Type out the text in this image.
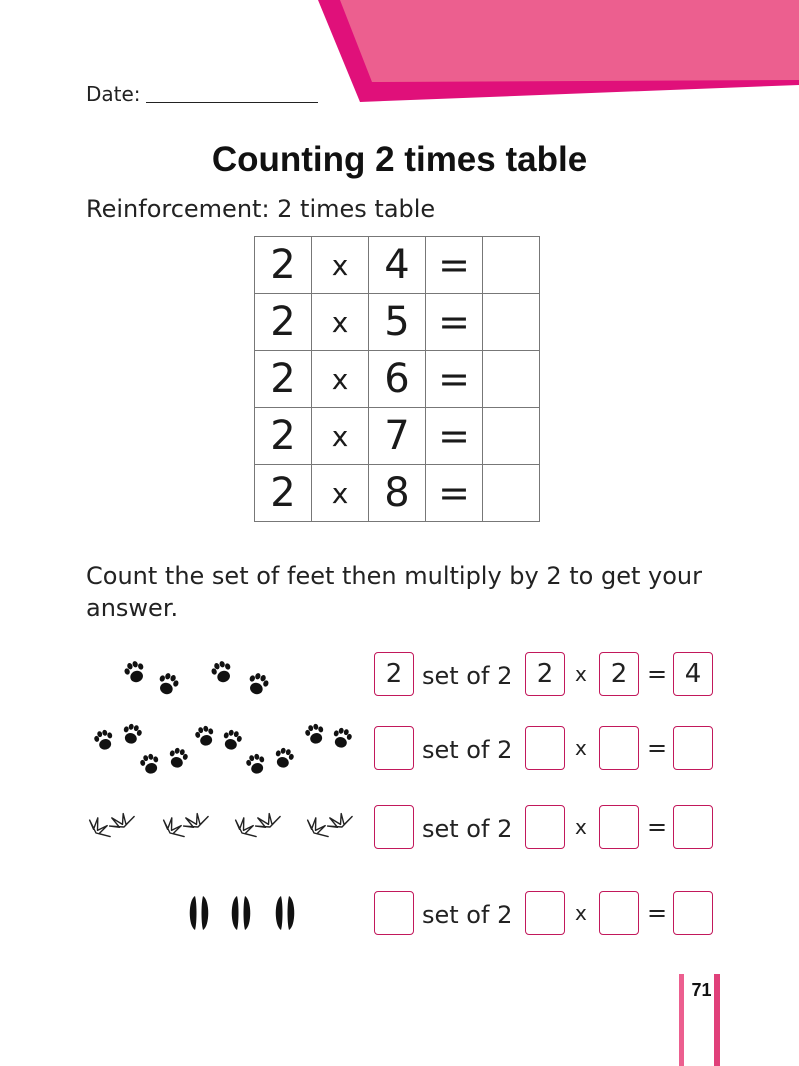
Date:
Counting 2 times table
Reinforcement: 2 times table
2	x	4	=	
2	x	5	=	
2	x	6	=	
2	x	7	=	
2	x	8	=	
Count the set of feet then multiply by 2 to get your answer.
2 set of 2 2	x 2 = 4
set of 2	x	=
set of 2	x	=
set of 2	x	=
71
